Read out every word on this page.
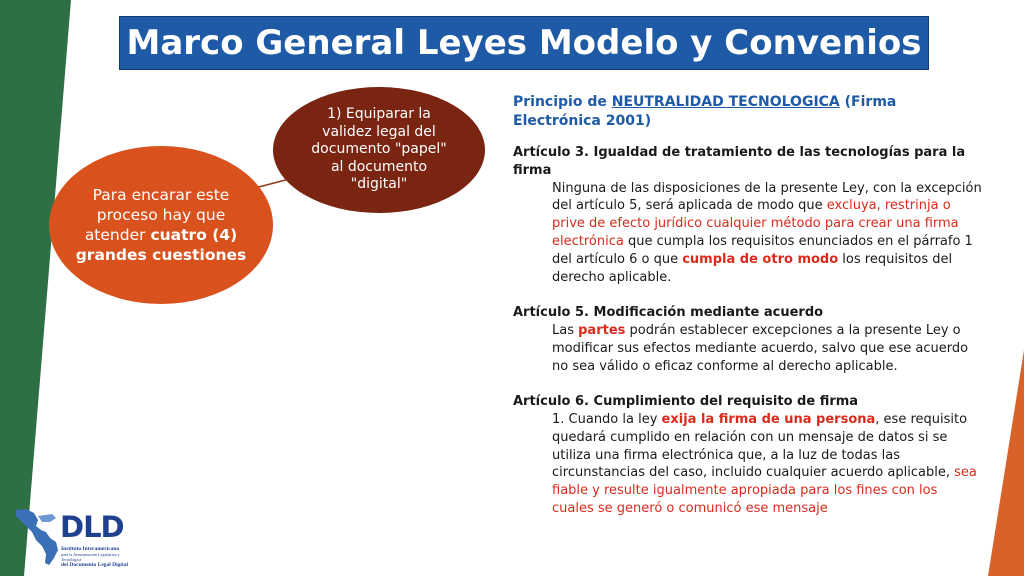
Marco General Leyes Modelo y Convenios
Para encarar este proceso hay que atender cuatro (4) grandes cuestiones
1) Equiparar la validez legal del documento "papel" al documento "digital"
Principio de NEUTRALIDAD TECNOLOGICA (Firma Electrónica 2001)
Artículo 3. Igualdad de tratamiento de las tecnologías para la firma
Ninguna de las disposiciones de la presente Ley, con la excepción del artículo 5, será aplicada de modo que excluya, restrinja o prive de efecto jurídico cualquier método para crear una firma electrónica que cumpla los requisitos enunciados en el párrafo 1 del artículo 6 o que cumpla de otro modo los requisitos del derecho aplicable.
Artículo 5. Modificación mediante acuerdo
Las partes podrán establecer excepciones a la presente Ley o modificar sus efectos mediante acuerdo, salvo que ese acuerdo no sea válido o eficaz conforme al derecho aplicable.
Artículo 6. Cumplimiento del requisito de firma
1. Cuando la ley exija la firma de una persona, ese requisito quedará cumplido en relación con un mensaje de datos si se utiliza una firma electrónica que, a la luz de todas las circunstancias del caso, incluido cualquier acuerdo aplicable, sea fiable y resulte igualmente apropiada para los fines con los cuales se generó o comunicó ese mensaje
DLD
Instituto Interamericano
para la Armonización Legislativa y Tecnológica
del Documento Legal Digital
